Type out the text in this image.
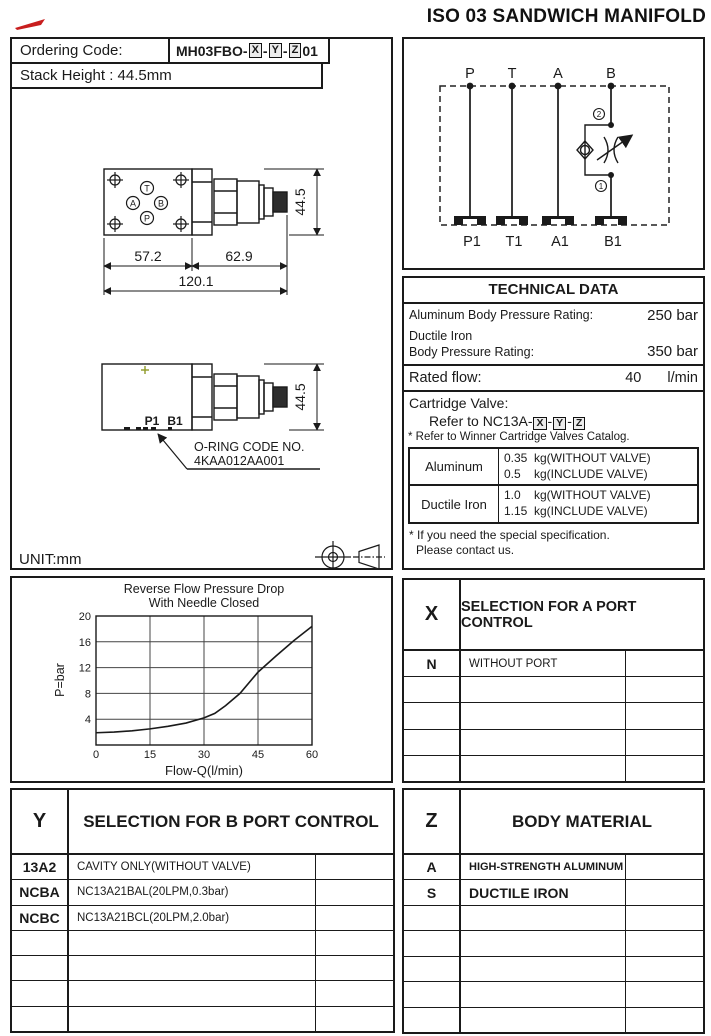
ISO 03 SANDWICH MANIFOLD
Ordering Code:	MH03FBO- X - Y - Z 01
Stack Height : 44.5mm
T
A B
P
57.2	62.9
120.1
44.5
P1 B1
O-RING CODE NO.
4KAA012AA001
44.5
UNIT:mm
2
1
P T	A	B
P1 T1 A1 B1
TECHNICAL DATA
Aluminum Body Pressure Rating:	250 bar
Ductile Iron
Body Pressure Rating:	350 bar
Rated flow:	40 l/min
Cartridge Valve:
Refer to NC13A- X - Y - Z
* Refer to Winner Cartridge Valves Catalog.
Aluminum
0.35 kg(WITHOUT VALVE)
0.5 kg(INCLUDE VALVE)
Ductile Iron
1.0 kg(WITHOUT VALVE)
1.15 kg(INCLUDE VALVE)
* If you need the special specification.
Please contact us.
Reverse Flow Pressure Drop
With Needle Closed
0	15	30	45	60
4
8
12
16
20
P=bar
Flow-Q(l/min)
X	SELECTION FOR A PORT CONTROL
N	WITHOUT PORT
Y	SELECTION FOR B PORT CONTROL
13A2	CAVITY ONLY(WITHOUT VALVE)
NCBA	NC13A21BAL(20LPM,0.3bar)
NCBC	NC13A21BCL(20LPM,2.0bar)
Z	BODY MATERIAL
A	HIGH-STRENGTH ALUMINUM
S	DUCTILE IRON
